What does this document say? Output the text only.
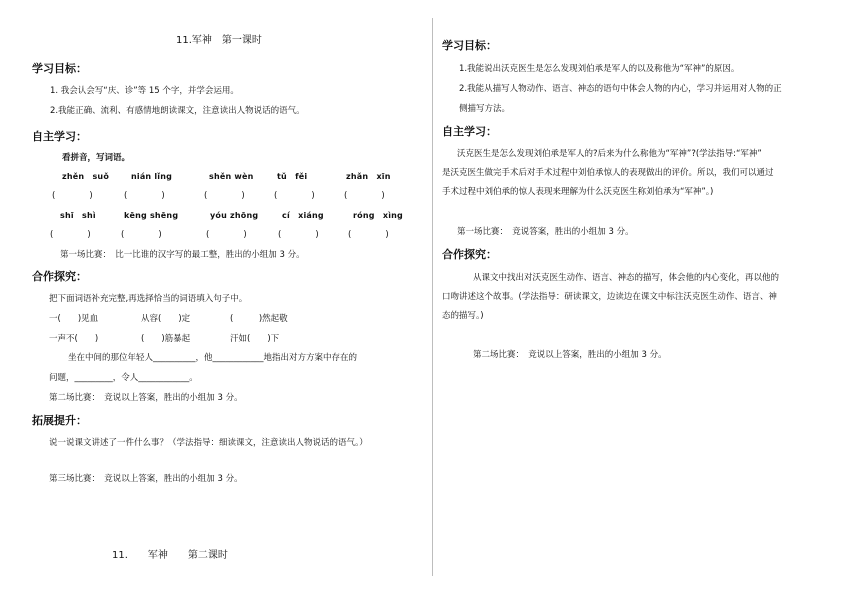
11.军神　第一课时
学习目标：
1. 我会认会写“庆、诊”等 15 个字，并学会运用。
2.我能正确、流利、有感情地朗读课文，注意读出人物说话的语气。
自主学习：
看拼音，写词语。
zhěn　suǒ	nián lǐng	shěn wèn	tǔ　fěi	zhǎn　xīn
(　　　　)	(　　　　)	(　　　　)	(　　　　)	(　　　　)
shī　shì	kēng shēng	yóu zhōng	cí　xiáng	róng　xìng
(　　　　)	(　　　　)	(　　　　)	(　　　　)	(　　　　)
第一场比赛：　比一比谁的汉字写的最工整，胜出的小组加 3 分。
合作探究：
把下面词语补充完整,再选择恰当的词语填入句子中。
一(　　)见血	从容(　　)定	(　　　)然起敬
一声不(　　)	(　　)筋暴起	汗如(　　)下
坐在中间的那位年轻人__________，他____________地指出对方方案中存在的
问题，_________，令人____________。
第二场比赛：　竞说以上答案，胜出的小组加 3 分。
拓展提升：
说一说课文讲述了一件什么事？（学法指导：细读课文，注意读出人物说话的语气。）
第三场比赛：　竞说以上答案，胜出的小组加 3 分。
11.　　军神　　第二课时
学习目标：
1.我能说出沃克医生是怎么发现刘伯承是军人的以及称他为“军神”的原因。
2.我能从描写人物动作、语言、神态的语句中体会人物的内心，学习并运用对人物的正
侧描写方法。
自主学习：
沃克医生是怎么发现刘伯承是军人的?后来为什么称他为“军神”?(学法指导:“军神”
是沃克医生做完手术后对手术过程中刘伯承惊人的表现做出的评价。所以，我们可以通过
手术过程中刘伯承的惊人表现来理解为什么沃克医生称刘伯承为“军神”。)
第一场比赛：　竞说答案，胜出的小组加 3 分。
合作探究：
从课文中找出对沃克医生动作、语言、神态的描写，体会他的内心变化，再以他的
口吻讲述这个故事。(学法指导：研读课文，边读边在课文中标注沃克医生动作、语言、神
态的描写。)
第二场比赛：　竞说以上答案，胜出的小组加 3 分。
